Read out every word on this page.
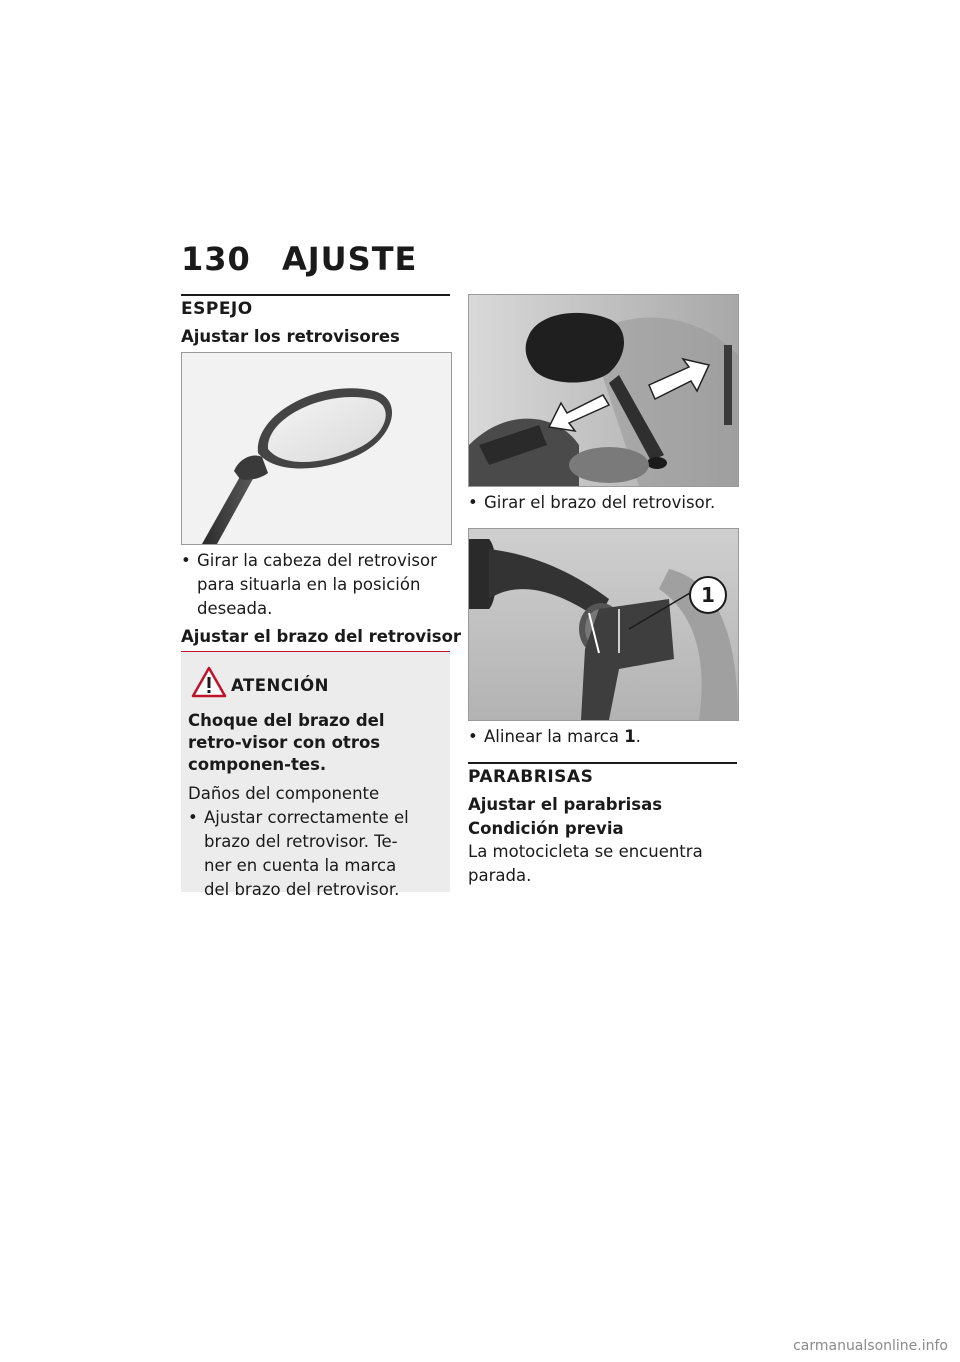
130 AJUSTE
ESPEJO
Ajustar los retrovisores
• Girar la cabeza del retrovisor para situarla en la posición deseada.
Ajustar el brazo del retrovisor
ATENCIÓN
Choque del brazo del retro-visor con otros componen-tes.
Daños del componente
• Ajustar correctamente el brazo del retrovisor. Te-ner en cuenta la marca del brazo del retrovisor.
• Girar el brazo del retrovisor.
1
• Alinear la marca 1.
PARABRISAS
Ajustar el parabrisas
Condición previa
La motocicleta se encuentra parada.
carmanualsonline.info
